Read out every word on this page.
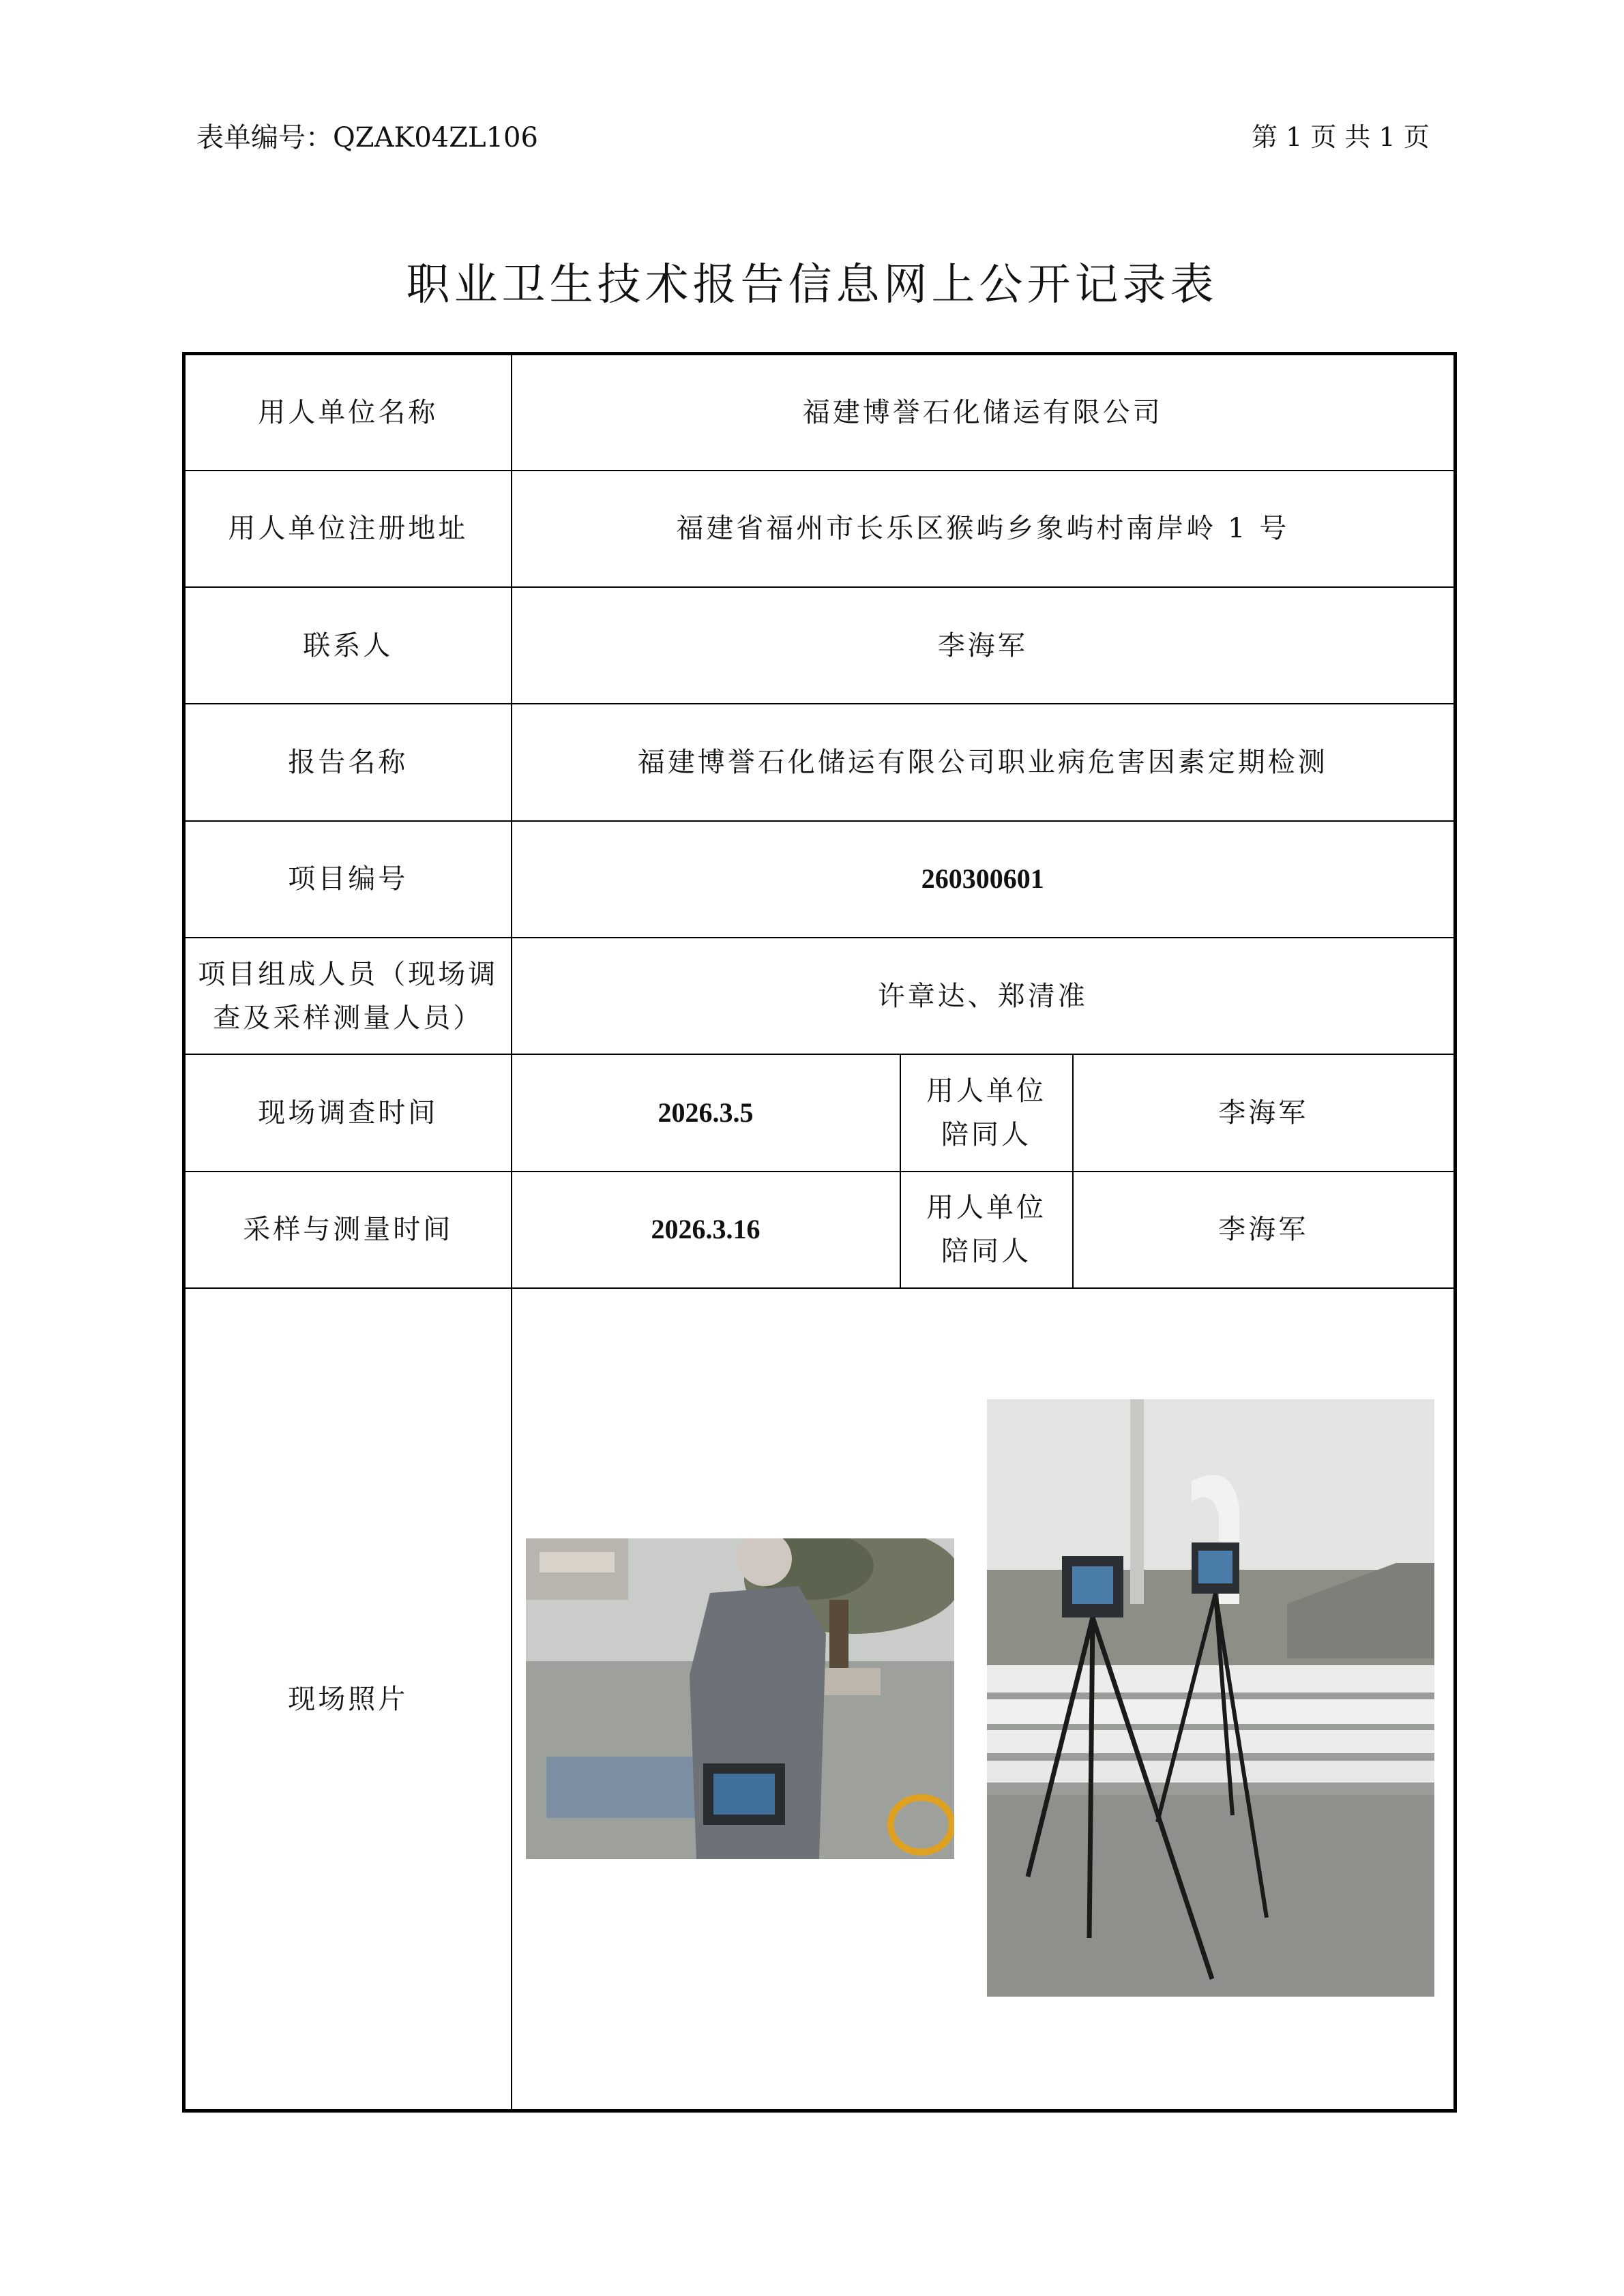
表单编号：QZAK04ZL106	第 1 页 共 1 页
职业卫生技术报告信息网上公开记录表
用人单位名称	福建博誉石化储运有限公司		
用人单位注册地址	福建省福州市长乐区猴屿乡象屿村南岸岭 1 号		
联系人	李海军		
报告名称	福建博誉石化储运有限公司职业病危害因素定期检测		
项目编号	260300601		
项目组成人员（现场调查及采样测量人员）	许章达、郑清准		
现场调查时间	2026.3.5	用人单位陪同人	李海军
采样与测量时间	2026.3.16	用人单位陪同人	李海军
现场照片	
